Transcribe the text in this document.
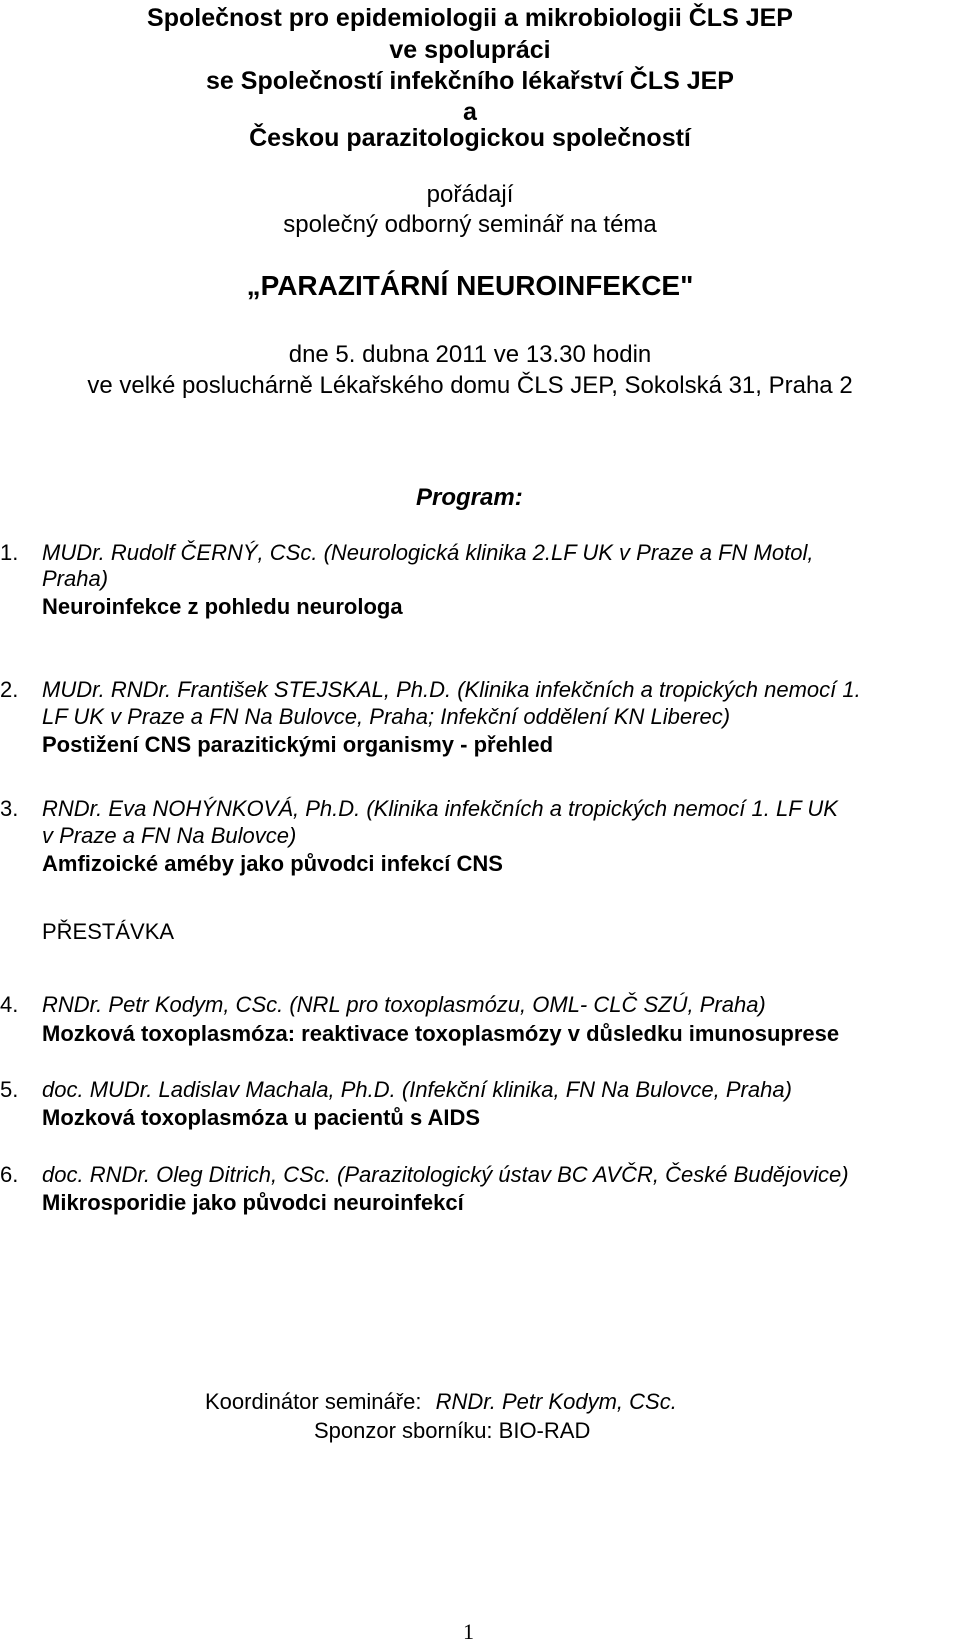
Společnost pro epidemiologii a mikrobiologii ČLS JEP
ve spolupráci
se Společností infekčního lékařství ČLS JEP
a
Českou parazitologickou společností
pořádají
společný odborný seminář na téma
„PARAZITÁRNÍ NEUROINFEKCE"
dne 5. dubna 2011 ve 13.30 hodin
ve velké posluchárně Lékařského domu ČLS JEP, Sokolská 31, Praha 2
Program:
1. MUDr. Rudolf ČERNÝ, CSc. (Neurologická klinika 2.LF UK v Praze a FN Motol,
Praha)
Neuroinfekce z pohledu neurologa
2. MUDr. RNDr. František STEJSKAL, Ph.D. (Klinika infekčních a tropických nemocí 1.
LF UK v Praze a FN Na Bulovce, Praha; Infekční oddělení KN Liberec)
Postižení CNS parazitickými organismy - přehled
3. RNDr. Eva NOHÝNKOVÁ, Ph.D. (Klinika infekčních a tropických nemocí 1. LF UK
v Praze a FN Na Bulovce)
Amfizoické améby jako původci infekcí CNS
PŘESTÁVKA
4. RNDr. Petr Kodym, CSc. (NRL pro toxoplasmózu, OML- CLČ SZÚ, Praha)
Mozková toxoplasmóza: reaktivace toxoplasmózy v důsledku imunosuprese
5. doc. MUDr. Ladislav Machala, Ph.D. (Infekční klinika, FN Na Bulovce, Praha)
Mozková toxoplasmóza u pacientů s AIDS
6. doc. RNDr. Oleg Ditrich, CSc. (Parazitologický ústav BC AVČR, České Budějovice)
Mikrosporidie jako původci neuroinfekcí
Koordinátor semináře: RNDr. Petr Kodym, CSc.
Sponzor sborníku: BIO-RAD
1
